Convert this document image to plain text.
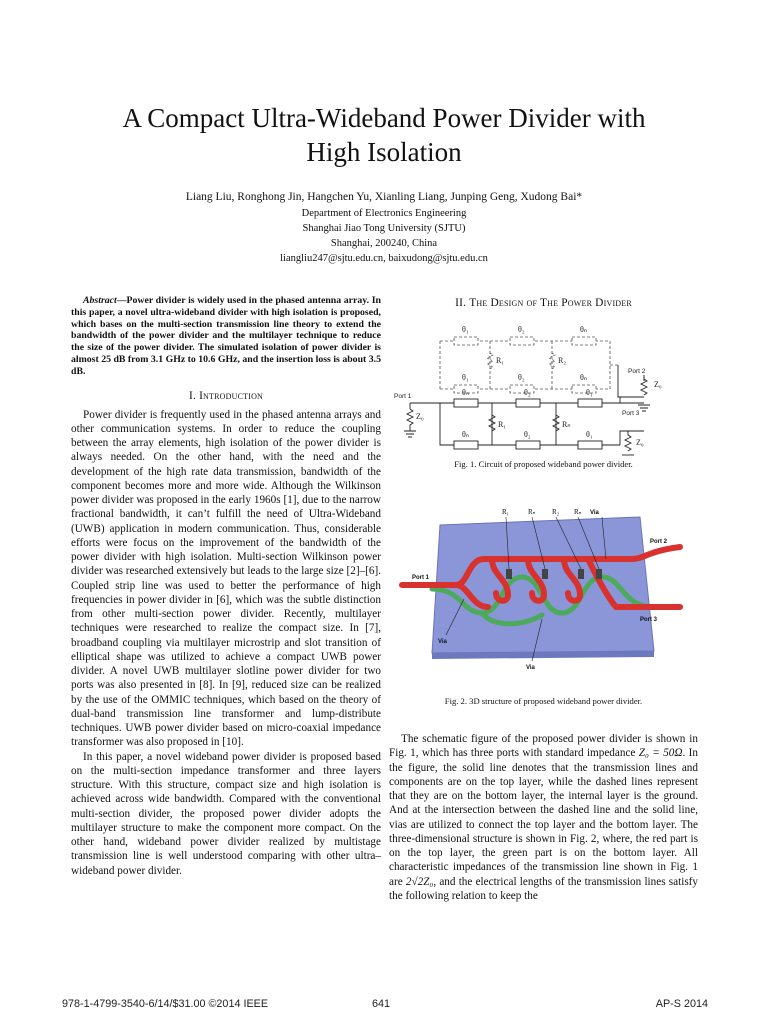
A Compact Ultra-Wideband Power Divider with
High Isolation
Liang Liu, Ronghong Jin, Hangchen Yu, Xianling Liang, Junping Geng, Xudong Bai*
Department of Electronics Engineering
Shanghai Jiao Tong University (SJTU)
Shanghai, 200240, China
liangliu247@sjtu.edu.cn, baixudong@sjtu.edu.cn

Abstract—Power divider is widely used in the phased antenna array. In this paper, a novel ultra-wideband divider with high isolation is proposed, which bases on the multi-section transmission line theory to extend the bandwidth of the power divider and the multilayer technique to reduce the size of the power divider. The simulated isolation of power divider is almost 25 dB from 3.1 GHz to 10.6 GHz, and the insertion loss is about 3.5 dB.

I. Introduction

Power divider is frequently used in the phased antenna arrays and other communication systems. In order to reduce the coupling between the array elements, high isolation of the power divider is always needed. On the other hand, with the need and the development of the high rate data transmission, bandwidth of the component becomes more and more wide. Although the Wilkinson power divider was proposed in the early 1960s [1], due to the narrow fractional bandwidth, it can’t fulfill the need of Ultra-Wideband (UWB) application in modern communication. Thus, considerable efforts were focus on the improvement of the bandwidth of the power divider with high isolation. Multi-section Wilkinson power divider was researched extensively but leads to the large size [2]–[6]. Coupled strip line was used to better the performance of high frequencies in power divider in [6], which was the subtle distinction from other multi-section power divider. Recently, multilayer techniques were researched to realize the compact size. In [7], broadband coupling via multilayer microstrip and slot transition of elliptical shape was utilized to achieve a compact UWB power divider. A novel UWB multilayer slotline power divider for two ports was also presented in [8]. In [9], reduced size can be realized by the use of the OMMIC techniques, which based on the theory of dual-band transmission line transformer and lump-distribute techniques. UWB power divider based on micro-coaxial impedance transformer was also proposed in [10].

In this paper, a novel wideband power divider is proposed based on the multi-section impedance transformer and three layers structure. With this structure, compact size and high isolation is achieved across wide bandwidth. Compared with the conventional multi-section divider, the proposed power divider adopts the multilayer structure to make the component more compact. On the other hand, wideband power divider realized by multistage transmission line is well understood comparing with other ultra–wideband power divider.

II. The Design of The Power Divider
Port 1
Z₀
Port 2
Z₀
Port 3
Z₀
θ₁	θ₂	θₙ
θ₁	θ₂	θₙ
R₁	R₂
θₙ	θ₂	θ₁
θₙ	θ₂	θ₁
R₁	Rₙ

Fig. 1. Circuit of proposed wideband power divider.

R₁	Rₙ R₂ Rₙ Via
Port 1
Port 2
Port 3
Via
Via

Fig. 2. 3D structure of proposed wideband power divider.

The schematic figure of the proposed power divider is shown in Fig. 1, which has three ports with standard impedance Z₀ = 50Ω. In the figure, the solid line denotes that the transmission lines and components are on the top layer, while the dashed lines represent that they are on the bottom layer, the internal layer is the ground. And at the intersection between the dashed line and the solid line, vias are utilized to connect the top layer and the bottom layer. The three-dimensional structure is shown in Fig. 2, where, the red part is on the top layer, the green part is on the bottom layer. All characteristic impedances of the transmission line shown in Fig. 1 are 2√2Z₀, and the electrical lengths of the transmission lines satisfy the following relation to keep the

978-1-4799-3540-6/14/$31.00 ©2014 IEEE	641	AP-S 2014
